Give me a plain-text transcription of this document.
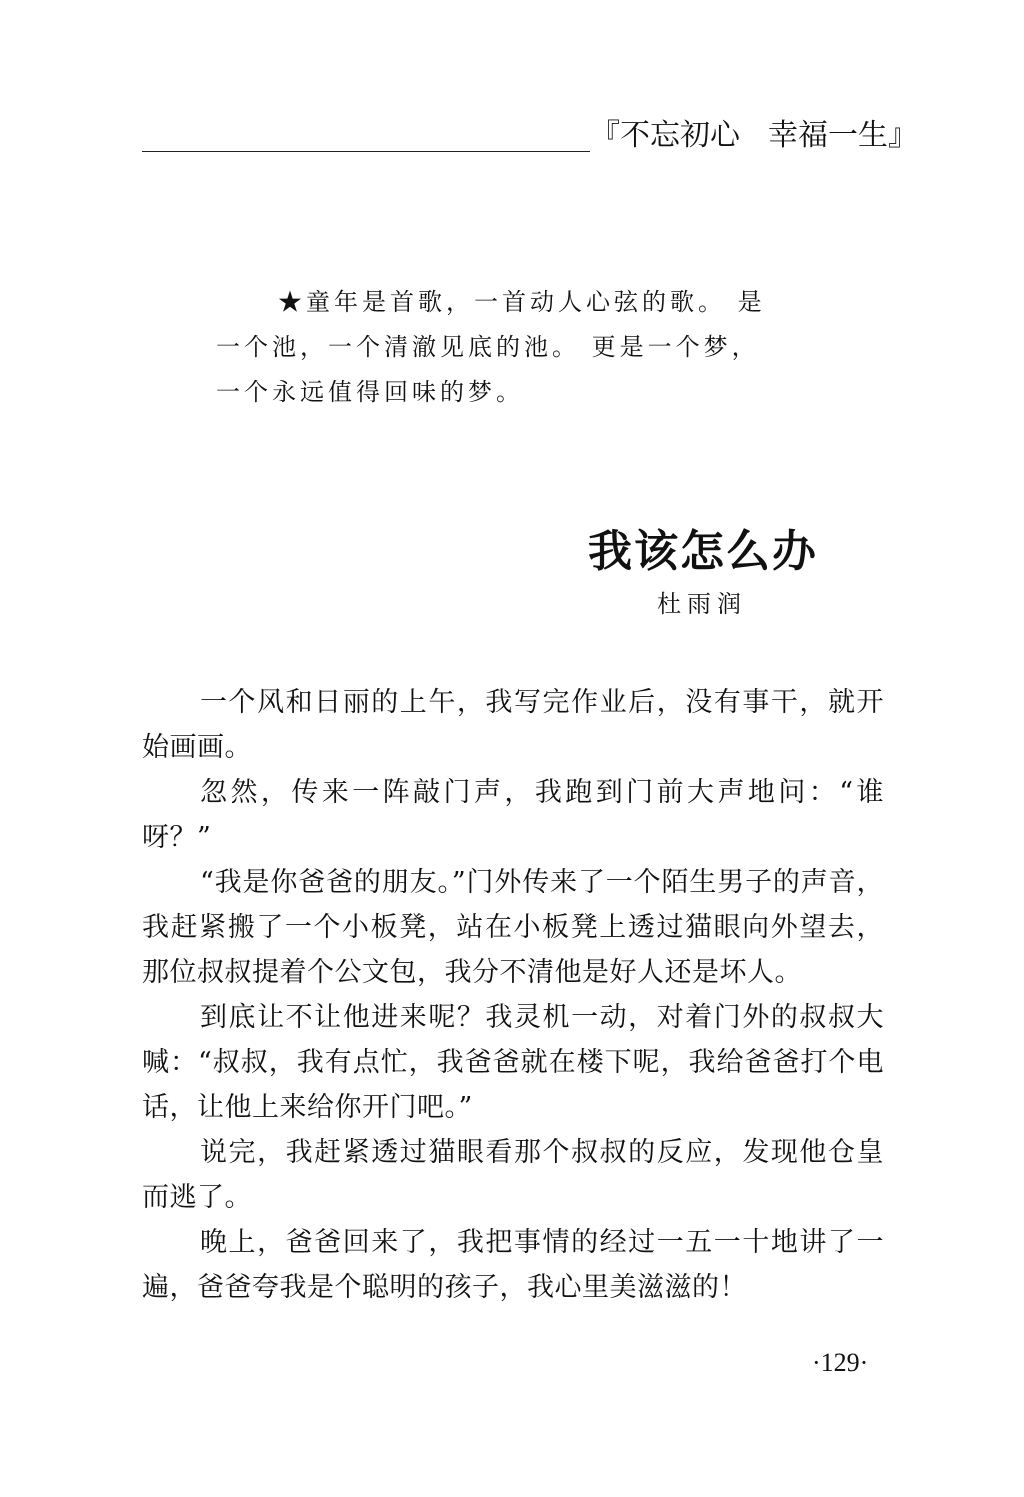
『不忘初心 幸福一生』
★童年是首歌，一首动人心弦的歌。 是
一个池，一个清澈见底的池。 更是一个梦，
一个永远值得回味的梦。
我该怎么办
杜雨润

一个风和日丽的上午，我写完作业后，没有事干，就开始画画。

忽然，传来一阵敲门声，我跑到门前大声地问：“谁呀？”

“我是你爸爸的朋友。”门外传来了一个陌生男子的声音，我赶紧搬了一个小板凳，站在小板凳上透过猫眼向外望去，那位叔叔提着个公文包，我分不清他是好人还是坏人。

到底让不让他进来呢？我灵机一动，对着门外的叔叔大喊：“叔叔，我有点忙，我爸爸就在楼下呢，我给爸爸打个电话，让他上来给你开门吧。”

说完，我赶紧透过猫眼看那个叔叔的反应，发现他仓皇而逃了。

晚上，爸爸回来了，我把事情的经过一五一十地讲了一遍，爸爸夸我是个聪明的孩子，我心里美滋滋的！

·129·
